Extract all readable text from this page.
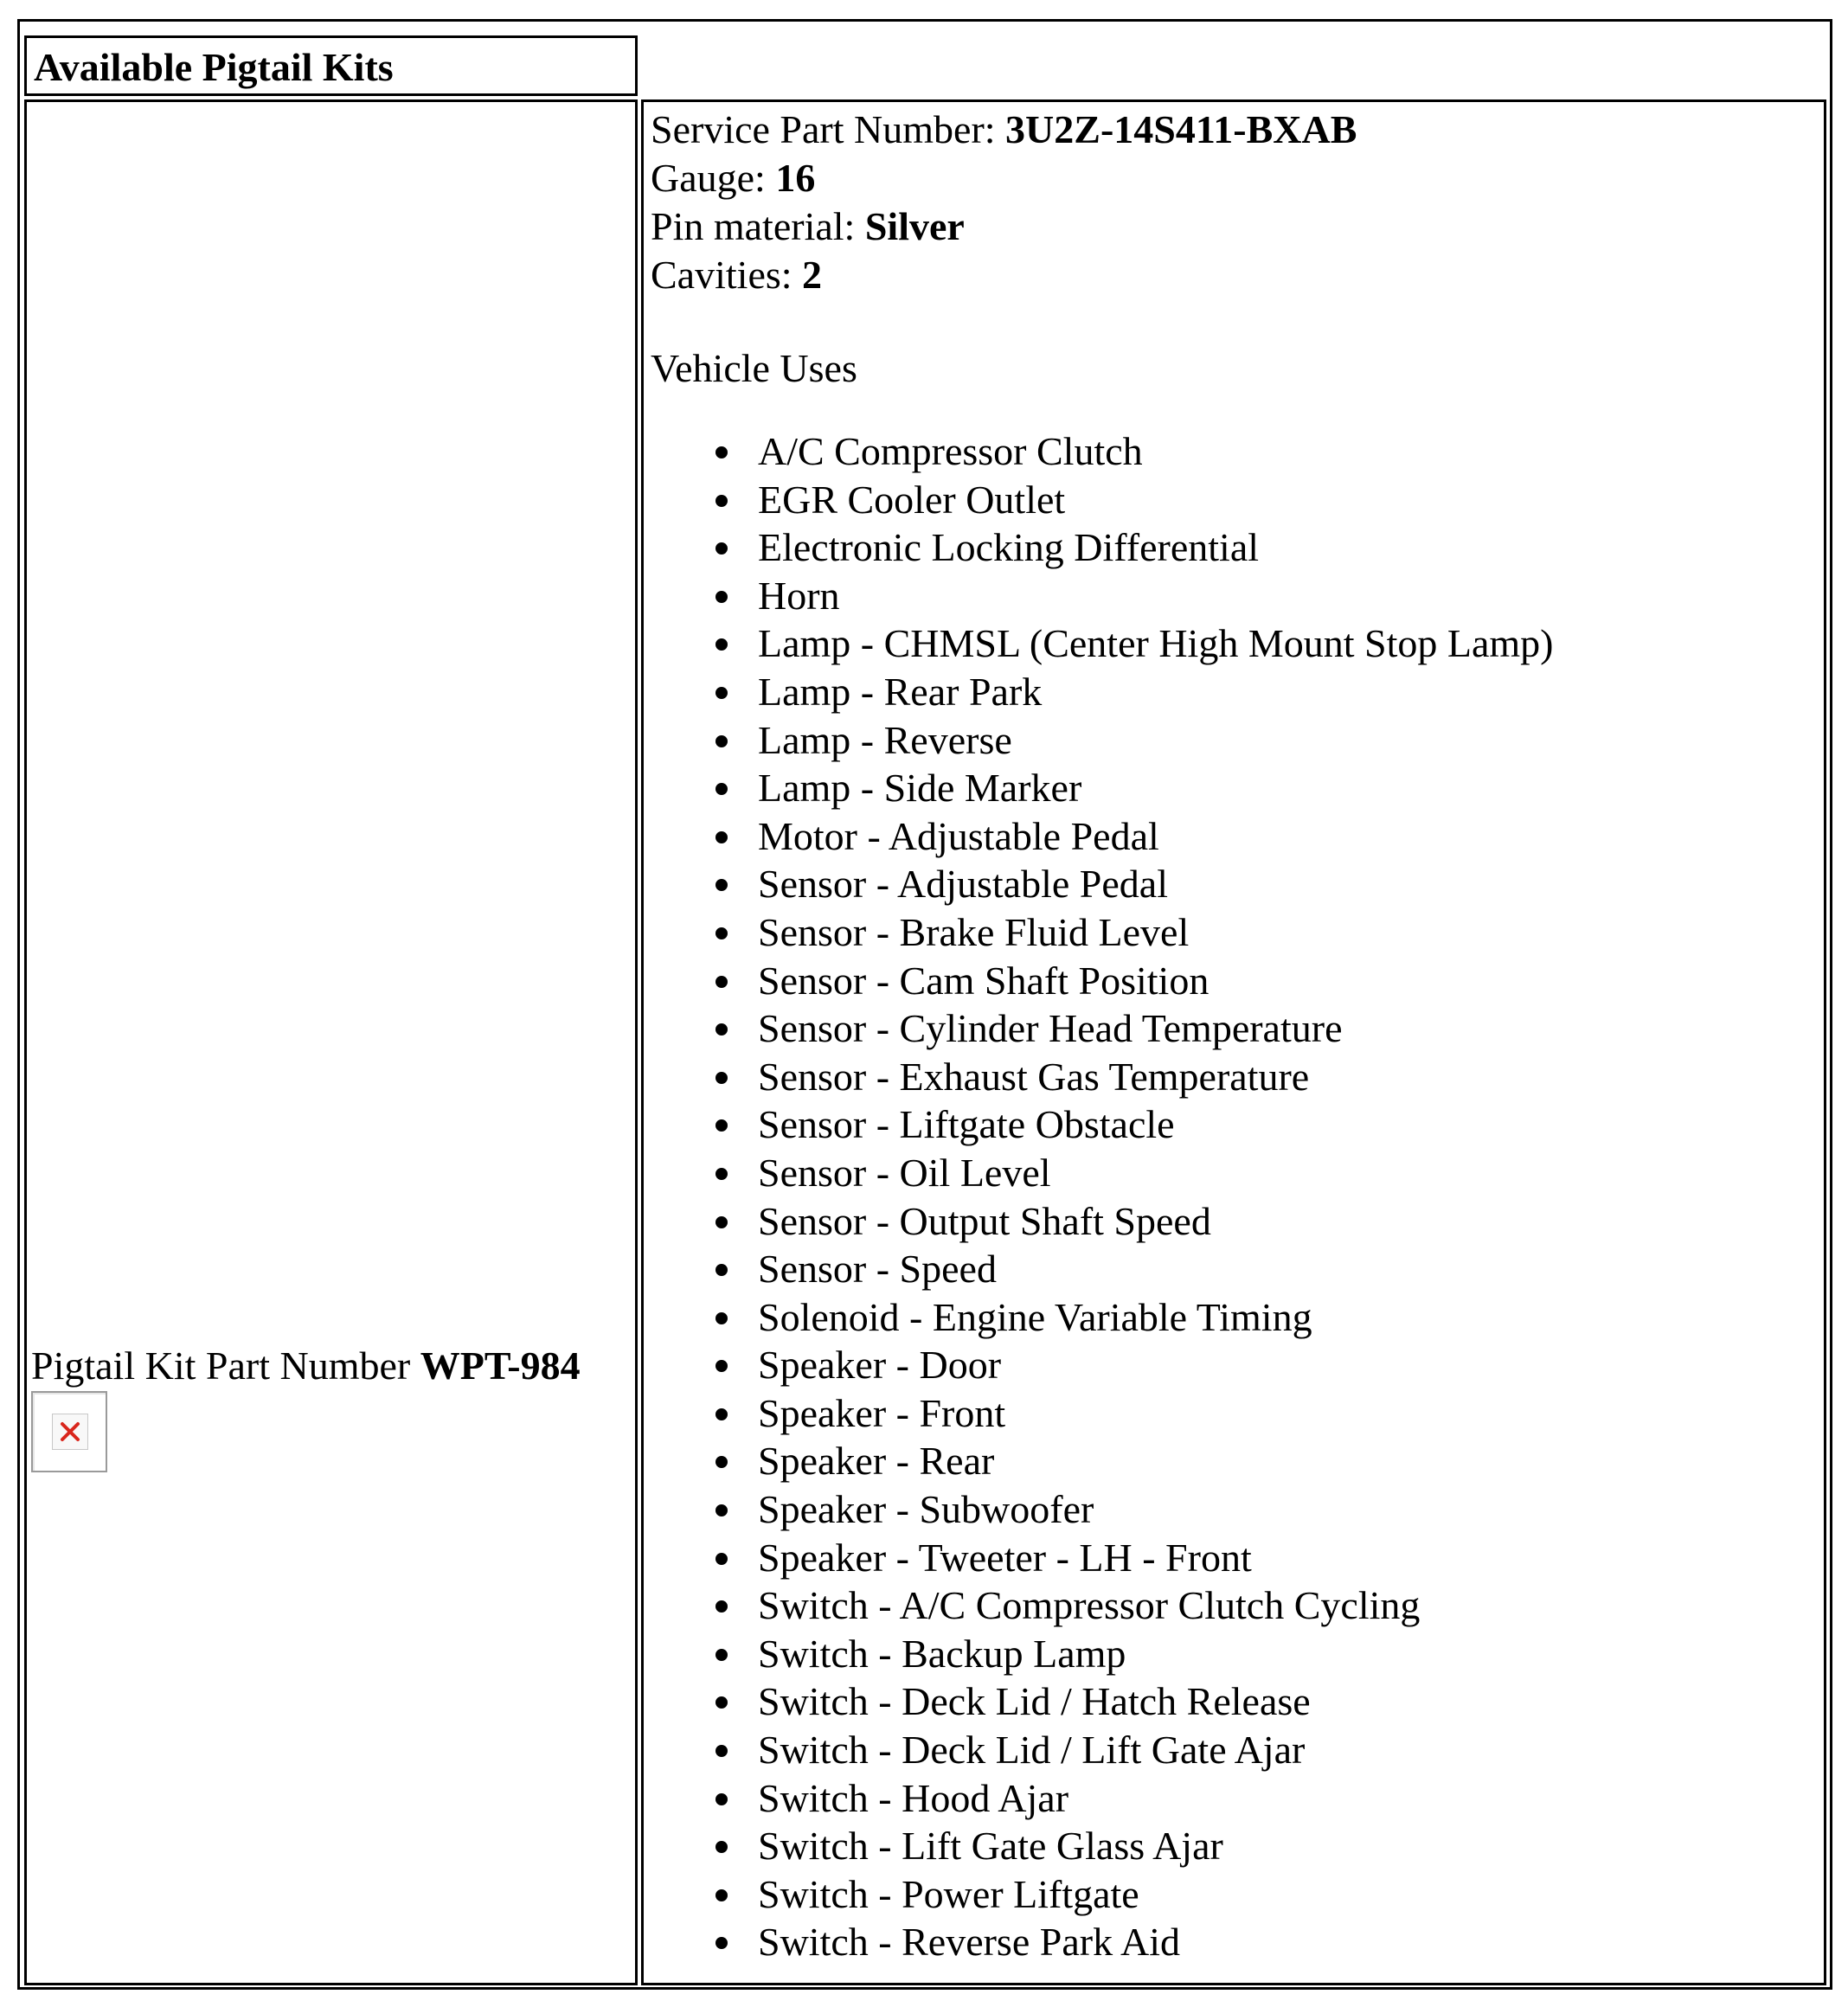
Available Pigtail Kits
Pigtail Kit Part Number WPT-984
Service Part Number: 3U2Z-14S411-BXAB
Gauge: 16
Pin material: Silver
Cavities: 2
Vehicle Uses
A/C Compressor Clutch
EGR Cooler Outlet
Electronic Locking Differential
Horn
Lamp - CHMSL (Center High Mount Stop Lamp)
Lamp - Rear Park
Lamp - Reverse
Lamp - Side Marker
Motor - Adjustable Pedal
Sensor - Adjustable Pedal
Sensor - Brake Fluid Level
Sensor - Cam Shaft Position
Sensor - Cylinder Head Temperature
Sensor - Exhaust Gas Temperature
Sensor - Liftgate Obstacle
Sensor - Oil Level
Sensor - Output Shaft Speed
Sensor - Speed
Solenoid - Engine Variable Timing
Speaker - Door
Speaker - Front
Speaker - Rear
Speaker - Subwoofer
Speaker - Tweeter - LH - Front
Switch - A/C Compressor Clutch Cycling
Switch - Backup Lamp
Switch - Deck Lid / Hatch Release
Switch - Deck Lid / Lift Gate Ajar
Switch - Hood Ajar
Switch - Lift Gate Glass Ajar
Switch - Power Liftgate
Switch - Reverse Park Aid
